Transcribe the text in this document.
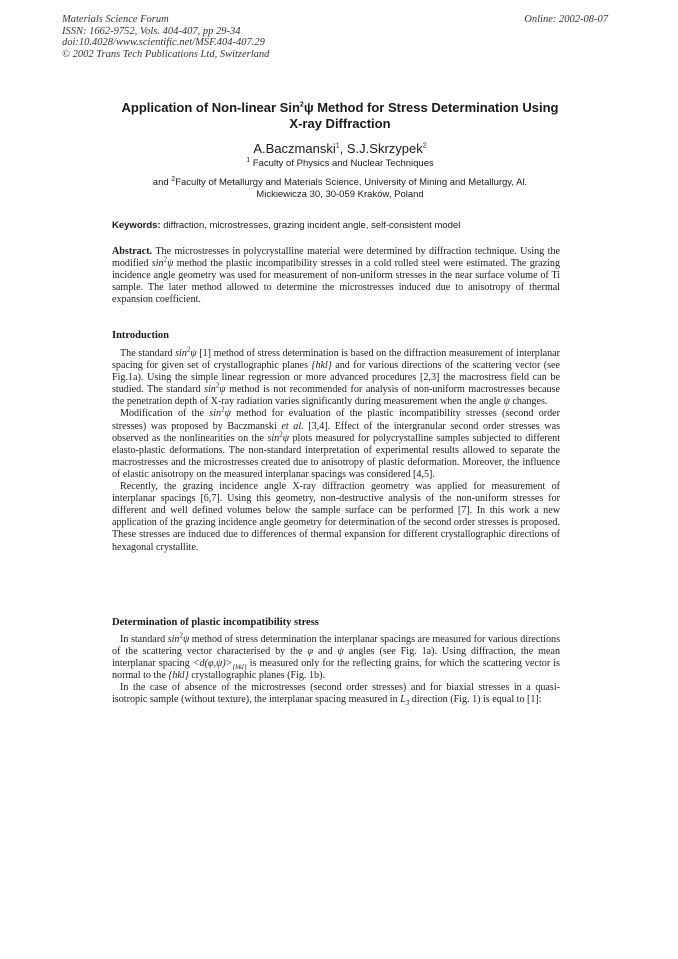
Materials Science Forum
ISSN: 1662-9752, Vols. 404-407, pp 29-34
doi:10.4028/www.scientific.net/MSF.404-407.29
© 2002 Trans Tech Publications Ltd, Switzerland
Online: 2002-08-07
Application of Non-linear Sin$^2$ψ Method for Stress Determination Using
X-ray Diffraction
A.Baczmanski$^1$, S.J.Skrzypek$^2$
$^1$ Faculty of Physics and Nuclear Techniques
and $^2$Faculty of Metallurgy and Materials Science, University of Mining and Metallurgy, Al.
Mickiewicza 30, 30-059 Kraków, Poland
Keywords: diffraction, microstresses, grazing incident angle, self-consistent model

Abstract. The microstresses in polycrystalline material were determined by diffraction technique. Using the modified $\sin^2\psi$ method the plastic incompatibility stresses in a cold rolled steel were estimated. The grazing incidence angle geometry was used for measurement of non-uniform stresses in the near surface volume of Ti sample. The later method allowed to determine the microstresses induced due to anisotropy of thermal expansion coefficient.

Introduction

The standard $\sin^2\psi$ [1] method of stress determination is based on the diffraction measurement of interplanar spacing for given set of crystallographic planes {hkl} and for various directions of the scattering vector (see Fig.1a). Using the simple linear regression or more advanced procedures [2,3] the macrostress field can be studied. The standard $\sin^2\psi$ method is not recommended for analysis of non-uniform macrostresses because the penetration depth of X-ray radiation varies significantly during measurement when the angle ψ changes.

Modification of the $\sin^2\psi$ method for evaluation of the plastic incompatibility stresses (second order stresses) was proposed by Baczmanski et al. [3,4]. Effect of the intergranular second order stresses was observed as the nonlinearities on the $\sin^2\psi$ plots measured for polycrystalline samples subjected to different elasto-plastic deformations. The non-standard interpretation of experimental results allowed to separate the macrostresses and the microstresses created due to anisotropy of plastic deformation. Moreover, the influence of elastic anisotropy on the measured interplanar spacings was considered [4,5].

Recently, the grazing incidence angle X-ray diffraction geometry was applied for measurement of interplanar spacings [6,7]. Using this geometry, non-destructive analysis of the non-uniform stresses for different and well defined volumes below the sample surface can be performed [7]. In this work a new application of the grazing incidence angle geometry for determination of the second order stresses is proposed. These stresses are induced due to differences of thermal expansion for different crystallographic directions of hexagonal crystallite.

Determination of plastic incompatibility stress

In standard $\sin^2\psi$ method of stress determination the interplanar spacings are measured for various directions of the scattering vector characterised by the φ and ψ angles (see Fig. 1a). Using diffraction, the mean interplanar spacing $<d(\varphi,\psi)>_{\{hkl\}}$ is measured only for the reflecting grains, for which the scattering vector is normal to the {hkl} crystallographic planes (Fig. 1b).

In the case of absence of the microstresses (second order stresses) and for biaxial stresses in a quasi-isotropic sample (without texture), the interplanar spacing measured in $L_3$ direction (Fig. 1) is equal to [1]:
